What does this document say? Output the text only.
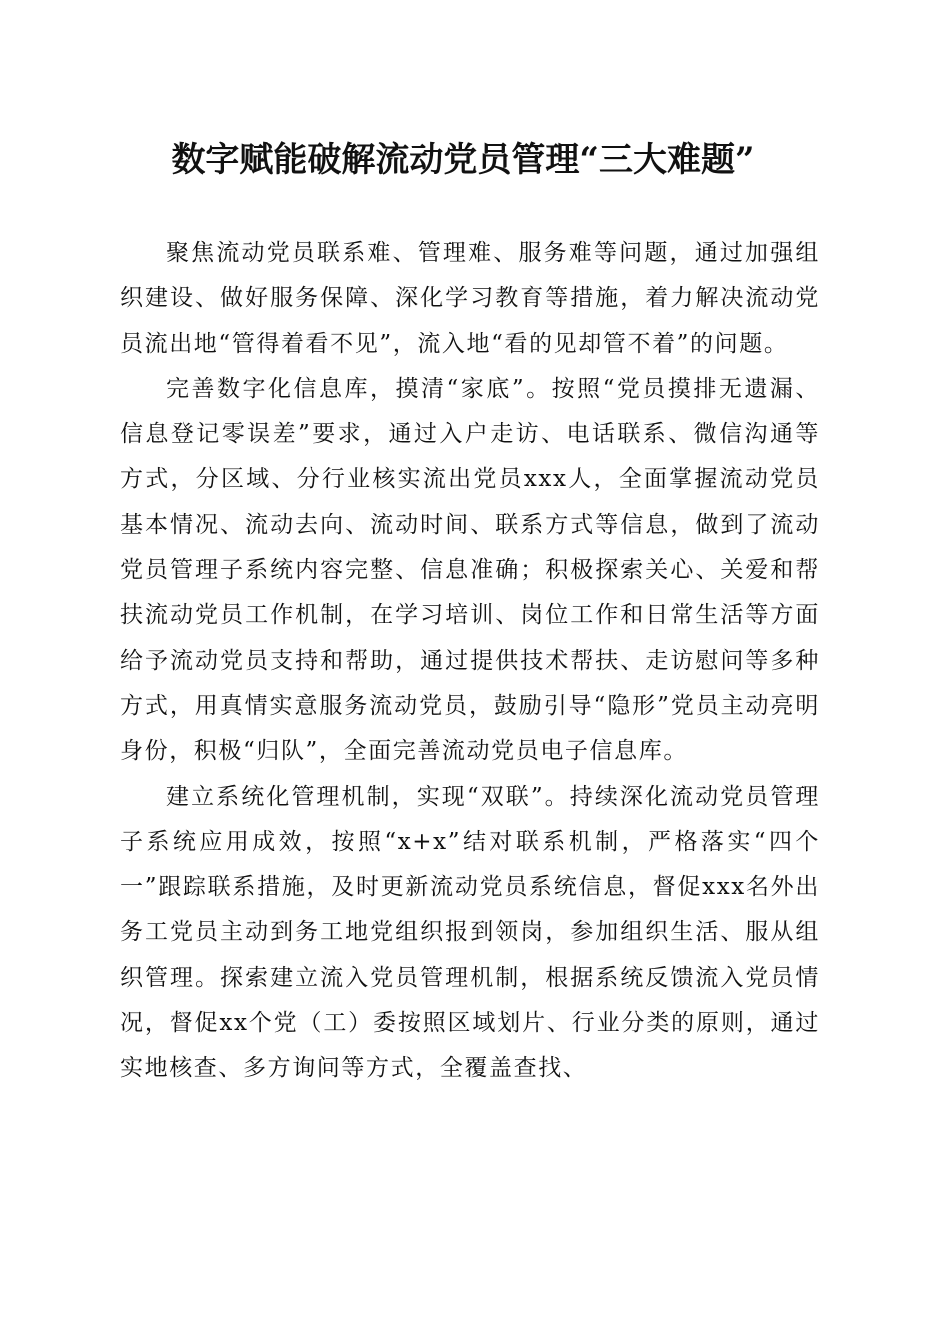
数字赋能破解流动党员管理“三大难题”

聚焦流动党员联系难、管理难、服务难等问题，通过加强组织建设、做好服务保障、深化学习教育等措施，着力解决流动党员流出地“管得着看不见”，流入地“看的见却管不着”的问题。

完善数字化信息库，摸清“家底”。按照“党员摸排无遗漏、信息登记零误差”要求，通过入户走访、电话联系、微信沟通等方式，分区域、分行业核实流出党员xxx人，全面掌握流动党员基本情况、流动去向、流动时间、联系方式等信息，做到了流动党员管理子系统内容完整、信息准确；积极探索关心、关爱和帮扶流动党员工作机制，在学习培训、岗位工作和日常生活等方面给予流动党员支持和帮助，通过提供技术帮扶、走访慰问等多种方式，用真情实意服务流动党员，鼓励引导“隐形”党员主动亮明身份，积极“归队”，全面完善流动党员电子信息库。

建立系统化管理机制，实现“双联”。持续深化流动党员管理子系统应用成效，按照“x+x”结对联系机制，严格落实“四个一”跟踪联系措施，及时更新流动党员系统信息，督促xxx名外出务工党员主动到务工地党组织报到领岗，参加组织生活、服从组织管理。探索建立流入党员管理机制，根据系统反馈流入党员情况，督促xx个党（工）委按照区域划片、行业分类的原则，通过实地核查、多方询问等方式，全覆盖查找、
